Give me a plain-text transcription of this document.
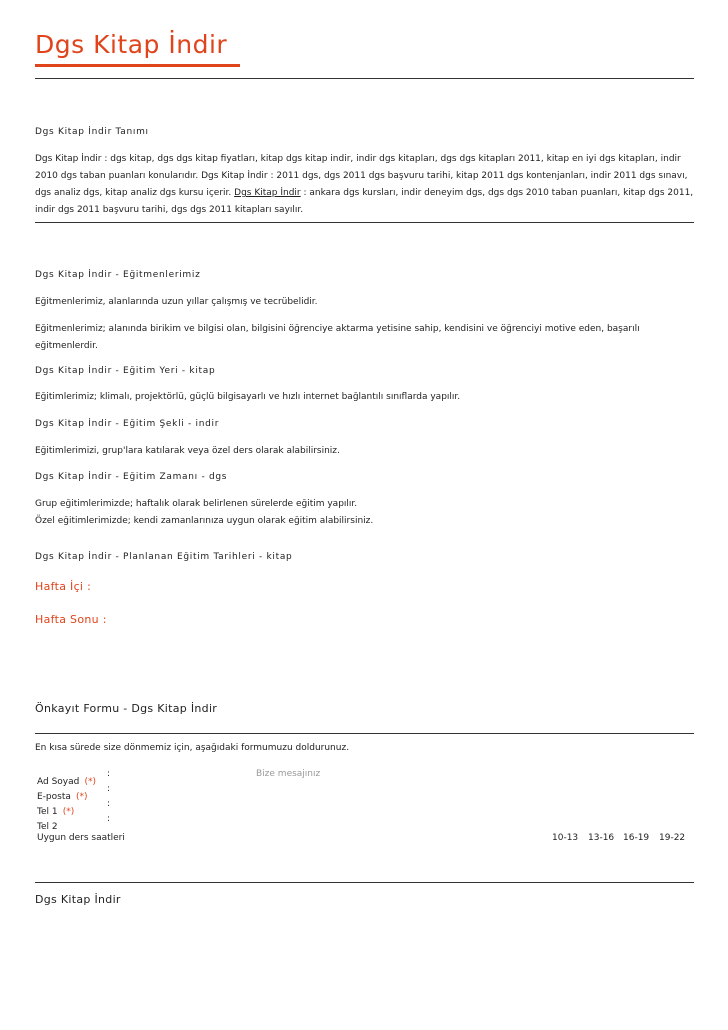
Dgs Kitap İndir
Dgs Kitap İndir Tanımı
Dgs Kitap İndir : dgs kitap, dgs dgs kitap fiyatları, kitap dgs kitap indir, indir dgs kitapları, dgs dgs kitapları 2011, kitap en iyi dgs kitapları, indir 2010 dgs taban puanları konularıdır. Dgs Kitap İndir : 2011 dgs, dgs 2011 dgs başvuru tarihi, kitap 2011 dgs kontenjanları, indir 2011 dgs sınavı, dgs analiz dgs, kitap analiz dgs kursu içerir. Dgs Kitap İndir : ankara dgs kursları, indir deneyim dgs, dgs dgs 2010 taban puanları, kitap dgs 2011, indir dgs 2011 başvuru tarihi, dgs dgs 2011 kitapları sayılır.
Dgs Kitap İndir - Eğitmenlerimiz
Eğitmenlerimiz, alanlarında uzun yıllar çalışmış ve tecrübelidir.
Eğitmenlerimiz; alanında birikim ve bilgisi olan, bilgisini öğrenciye aktarma yetisine sahip, kendisini ve öğrenciyi motive eden, başarılı eğitmenlerdir.
Dgs Kitap İndir - Eğitim Yeri - kitap
Eğitimlerimiz; klimalı, projektörlü, güçlü bilgisayarlı ve hızlı internet bağlantılı sınıflarda yapılır.
Dgs Kitap İndir - Eğitim Şekli - indir
Eğitimlerimizi, grup'lara katılarak veya özel ders olarak alabilirsiniz.
Dgs Kitap İndir - Eğitim Zamanı - dgs
Grup eğitimlerimizde; haftalık olarak belirlenen sürelerde eğitim yapılır.
Özel eğitimlerimizde; kendi zamanlarınıza uygun olarak eğitim alabilirsiniz.
Dgs Kitap İndir - Planlanan Eğitim Tarihleri - kitap
Hafta İçi :
Hafta Sonu :
Önkayıt Formu - Dgs Kitap İndir
En kısa sürede size dönmemiz için, aşağıdaki formumuzu doldurunuz.
Ad Soyad (*)
:
E-posta (*)
:
Tel 1 (*)
:
Tel 2
:
Bize mesajınız
Uygun ders saatleri	10-13 13-16 16-19 19-22
Dgs Kitap İndir
